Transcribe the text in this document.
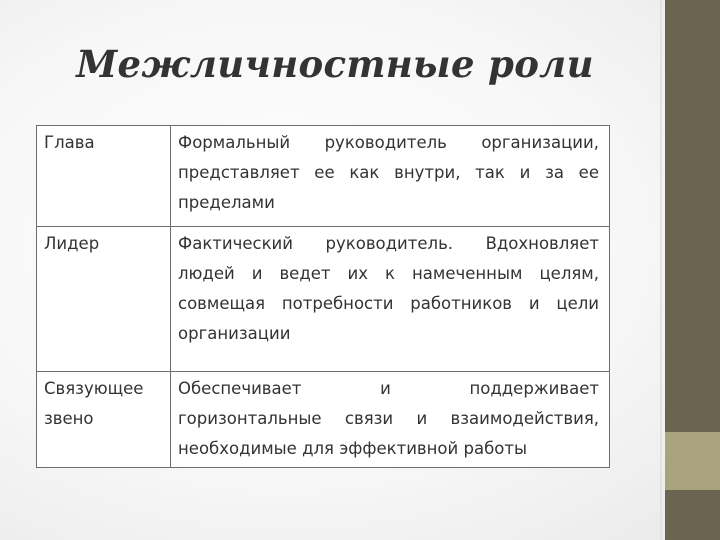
Межличностные роли
Глава	Формальный руководитель организации, представляет ее как внутри, так и за ее пределами
Лидер	Фактический руководитель. Вдохновляет людей и ведет их к намеченным целям, совмещая потребности работников и цели организации
Связующее звено	Обеспечивает и поддерживает горизонтальные связи и взаимодействия, необходимые для эффективной работы
